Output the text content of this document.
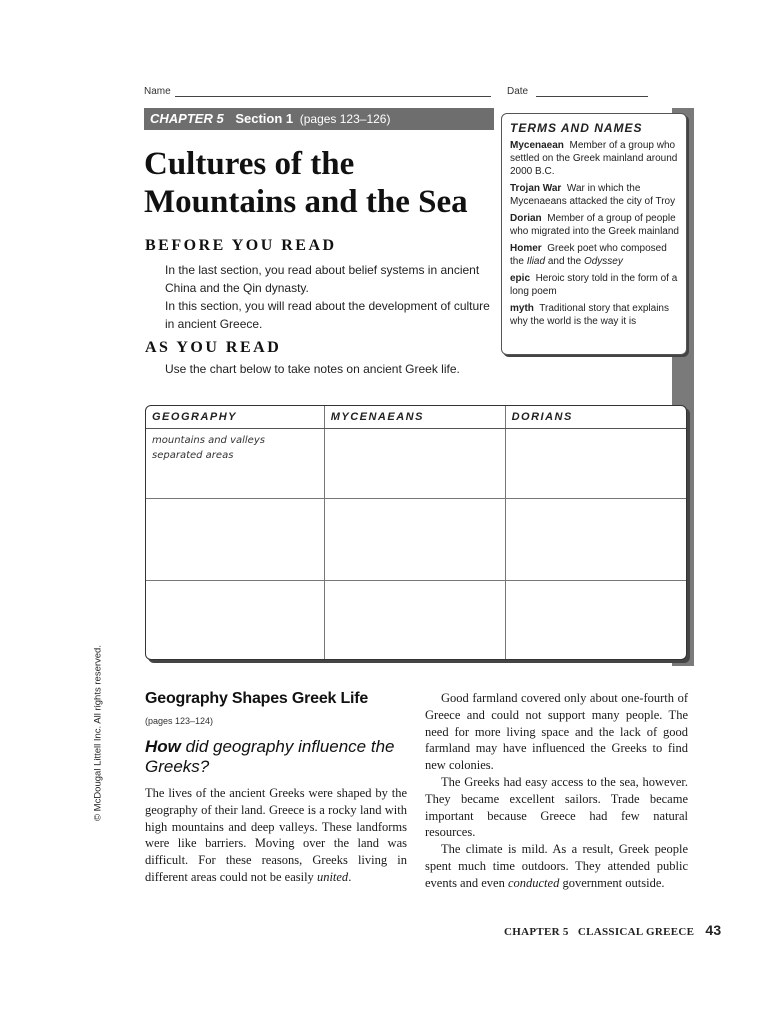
Name	Date
CHAPTER 5 Section 1 (pages 123–126)
Cultures of the Mountains and the Sea
BEFORE YOU READ
In the last section, you read about belief systems in ancient China and the Qin dynasty.
In this section, you will read about the development of culture in ancient Greece.
AS YOU READ
Use the chart below to take notes on ancient Greek life.
TERMS AND NAMES
Mycenaean Member of a group who settled on the Greek mainland around 2000 B.C.
Trojan War War in which the Mycenaeans attacked the city of Troy
Dorian Member of a group of people who migrated into the Greek mainland
Homer Greek poet who composed the Iliad and the Odyssey
epic Heroic story told in the form of a long poem
myth Traditional story that explains why the world is the way it is
GEOGRAPHY	MYCENAEANS	DORIANS

mountains and valleys
separated areas		

© McDougal Littell Inc. All rights reserved.	Geography Shapes Greek Life
(pages 123–124)
How did geography influence the Greeks?

The lives of the ancient Greeks were shaped by the geography of their land. Greece is a rocky land with high mountains and deep valleys. These landforms were like barriers. Moving over the land was difficult. For these reasons, Greeks living in different areas could not be easily united.

Good farmland covered only about one-fourth of Greece and could not support many people. The need for more living space and the lack of good farmland may have influenced the Greeks to find new colonies.

The Greeks had easy access to the sea, however. They became excellent sailors. Trade became important because Greece had few natural resources.

The climate is mild. As a result, Greek people spent much time outdoors. They attended public events and even conducted government outside.

CHAPTER 5 CLASSICAL GREECE 43
